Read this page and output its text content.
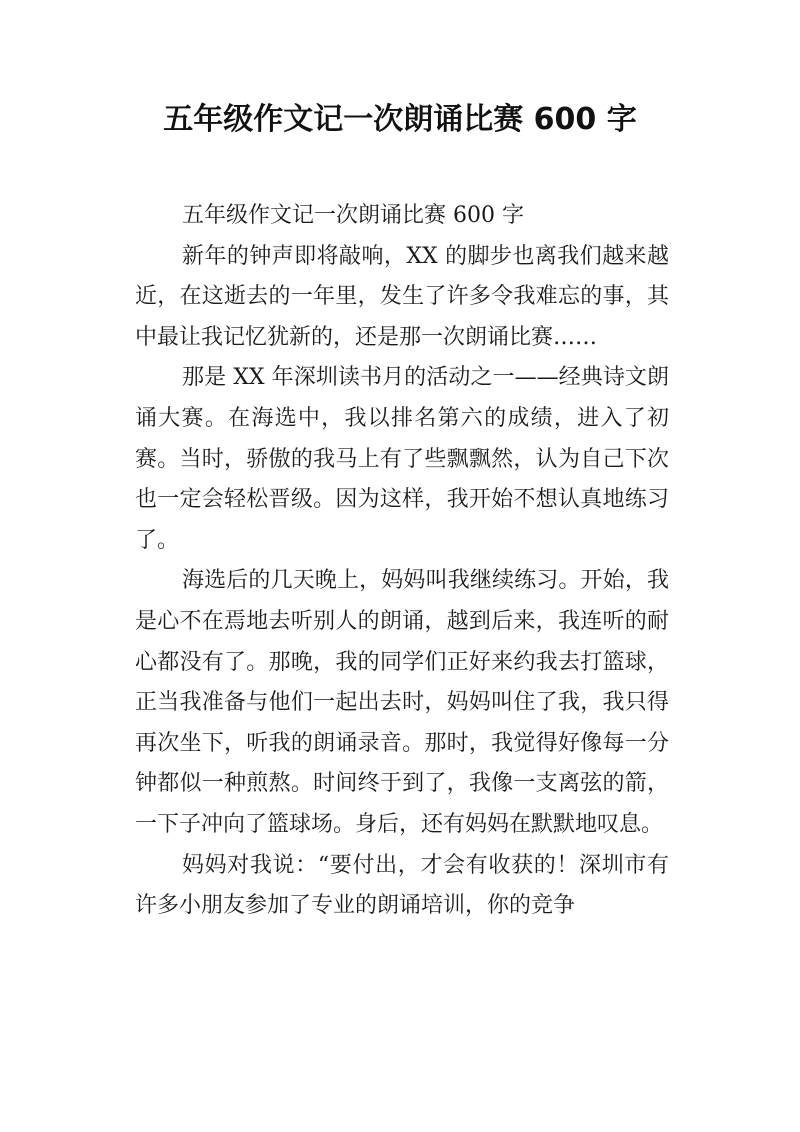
五年级作文记一次朗诵比赛 600 字

五年级作文记一次朗诵比赛 600 字

新年的钟声即将敲响，XX 的脚步也离我们越来越近，在这逝去的一年里，发生了许多令我难忘的事，其中最让我记忆犹新的，还是那一次朗诵比赛……

那是 XX 年深圳读书月的活动之一——经典诗文朗诵大赛。在海选中，我以排名第六的成绩，进入了初赛。当时，骄傲的我马上有了些飘飘然，认为自己下次也一定会轻松晋级。因为这样，我开始不想认真地练习了。

海选后的几天晚上，妈妈叫我继续练习。开始，我是心不在焉地去听别人的朗诵，越到后来，我连听的耐心都没有了。那晚，我的同学们正好来约我去打篮球，正当我准备与他们一起出去时，妈妈叫住了我，我只得再次坐下，听我的朗诵录音。那时，我觉得好像每一分钟都似一种煎熬。时间终于到了，我像一支离弦的箭，一下子冲向了篮球场。身后，还有妈妈在默默地叹息。

妈妈对我说：“要付出，才会有收获的！深圳市有许多小朋友参加了专业的朗诵培训，你的竞争
